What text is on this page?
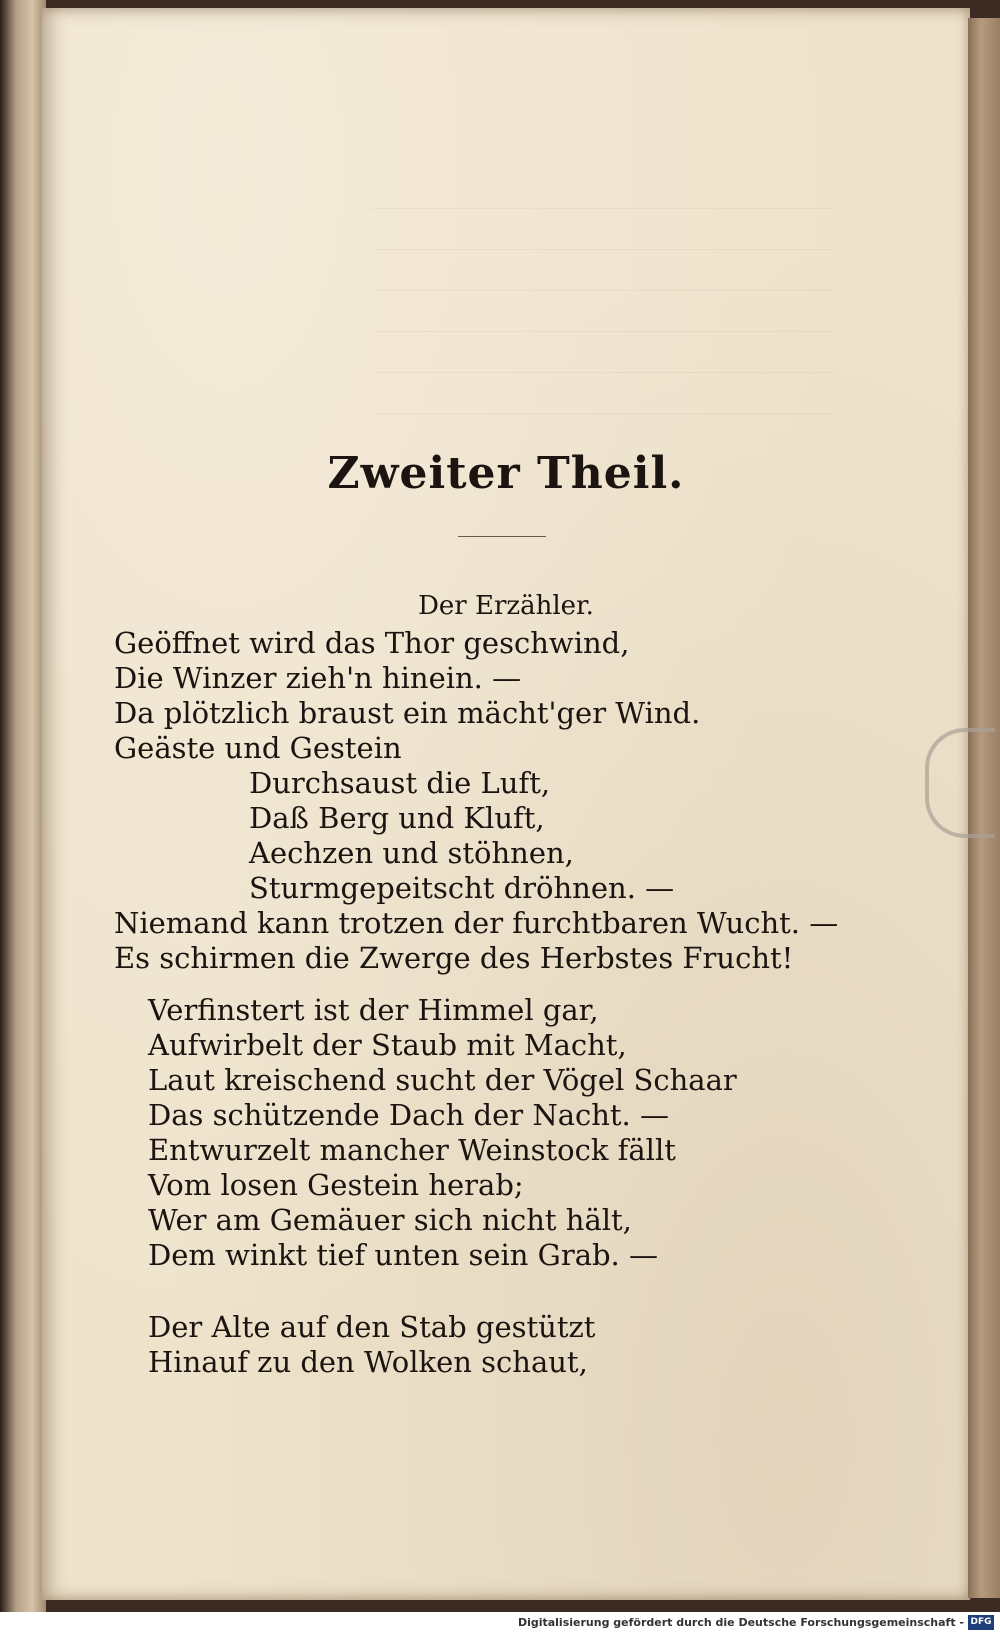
Zweiter Theil.
Der Erzähler.
Geöffnet wird das Thor geschwind,
Die Winzer zieh'n hinein. —
Da plötzlich braust ein mächt'ger Wind.
Geäste und Gestein
Durchsaust die Luft,
Daß Berg und Kluft,
Aechzen und stöhnen,
Sturmgepeitscht dröhnen. —
Niemand kann trotzen der furchtbaren Wucht. —
Es schirmen die Zwerge des Herbstes Frucht!
Verfinstert ist der Himmel gar,
Aufwirbelt der Staub mit Macht,
Laut kreischend sucht der Vögel Schaar
Das schützende Dach der Nacht. —
Entwurzelt mancher Weinstock fällt
Vom losen Gestein herab;
Wer am Gemäuer sich nicht hält,
Dem winkt tief unten sein Grab. —
Der Alte auf den Stab gestützt
Hinauf zu den Wolken schaut,
Digitalisierung gefördert durch die Deutsche Forschungsgemeinschaft - DFG
